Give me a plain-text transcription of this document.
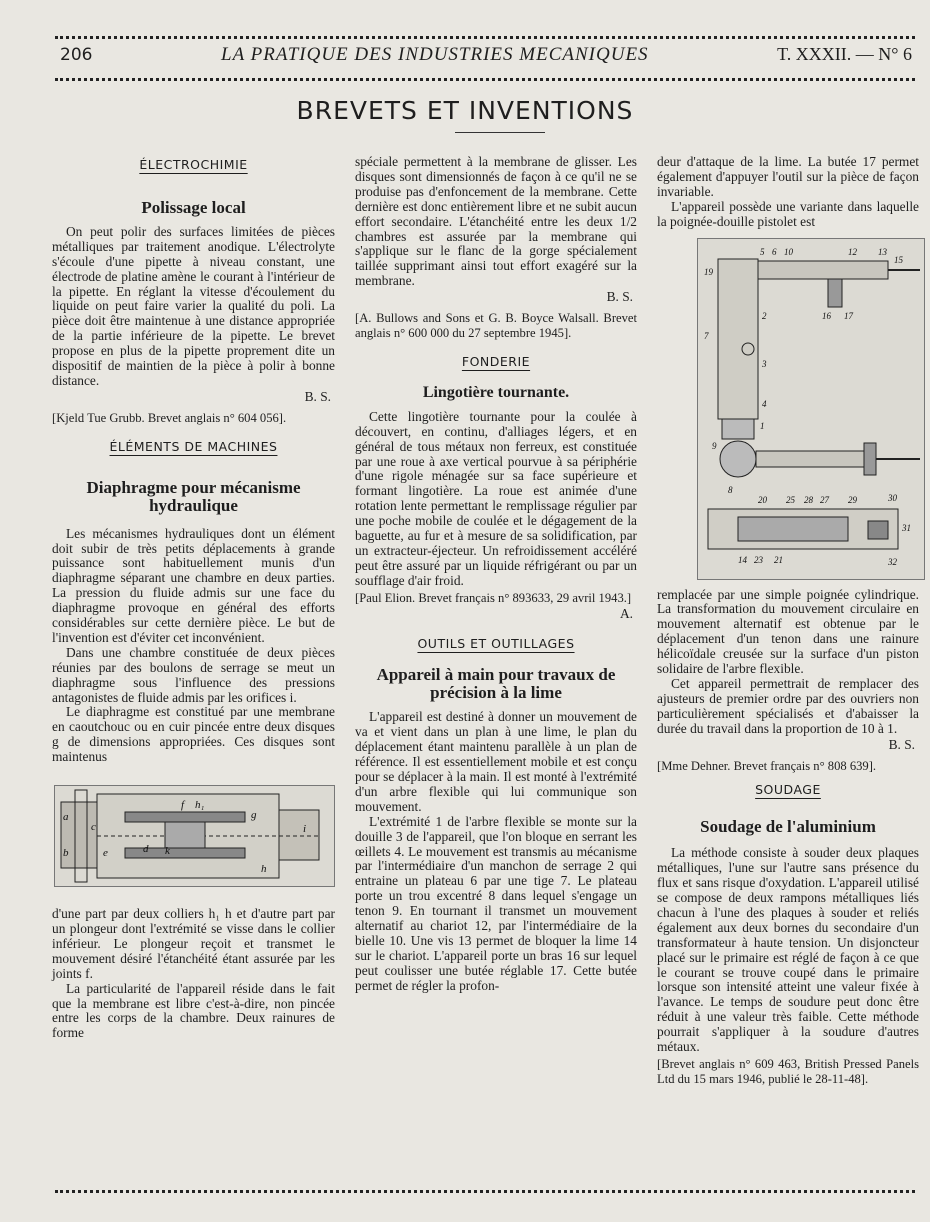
206	LA PRATIQUE DES INDUSTRIES MECANIQUES	T. XXXII. — N° 6
BREVETS ET INVENTIONS
ÉLECTROCHIMIE
Polissage local

On peut polir des surfaces limitées de pièces métalliques par traitement anodique. L'électrolyte s'écoule d'une pipette à niveau constant, une électrode de platine amène le courant à l'intérieur de la pipette. En réglant la vitesse d'écoulement du liquide on peut faire varier la qualité du poli. La pièce doit être maintenue à une distance appropriée de la partie inférieure de la pipette. Le brevet propose en plus de la pipette proprement dite un dispositif de maintien de la pièce à polir à bonne distance.

B. S.

[Kjeld Tue Grubb. Brevet anglais n° 604 056].

ÉLÉMENTS DE MACHINES
Diaphragme pour mécanisme hydraulique

Les mécanismes hydrauliques dont un élément doit subir de très petits déplacements à grande puissance sont habituellement munis d'un diaphragme séparant une chambre en deux parties. La pression du fluide admis sur une face du diaphragme provoque en général des efforts considérables sur cette dernière pièce. Le but de l'invention est d'éviter cet inconvénient.

Dans une chambre constituée de deux pièces réunies par des boulons de serrage se meut un diaphragme sous l'influence des pressions antagonistes de fluide admis par les orifices i.

Le diaphragme est constitué par une membrane en caoutchouc ou en cuir pincée entre deux disques g de dimensions appropriées. Ces disques sont maintenus

a
b
c
d
e
f
g
h
h₁
i
k

d'une part par deux colliers h₁ h et d'autre part par un plongeur dont l'extrémité se visse dans le collier inférieur. Le plongeur reçoit et transmet le mouvement désiré l'étanchéité étant assurée par les joints f.

La particularité de l'appareil réside dans le fait que la membrane est libre c'est-à-dire, non pincée entre les corps de la chambre. Deux rainures de forme

spéciale permettent à la membrane de glisser. Les disques sont dimensionnés de façon à ce qu'il ne se produise pas d'enfoncement de la membrane. Cette dernière est donc entièrement libre et ne subit aucun effort secondaire. L'étanchéité entre les deux 1/2 chambres est assurée par la membrane qui s'applique sur le flanc de la gorge spécialement taillée supprimant ainsi tout effort exagéré sur la membrane.

B. S.

[A. Bullows and Sons et G. B. Boyce Walsall. Brevet anglais n° 600 000 du 27 septembre 1945].

FONDERIE
Lingotière tournante.

Cette lingotière tournante pour la coulée à découvert, en continu, d'alliages légers, et en général de tous métaux non ferreux, est constituée par une roue à axe vertical pourvue à sa périphérie d'une rigole ménagée sur sa face supérieure et formant lingotière. La roue est animée d'une rotation lente permettant le remplissage régulier par une poche mobile de coulée et le dégagement de la baguette, au fur et à mesure de sa solidification, par un extracteur-éjecteur. Un refroidissement accéléré peut être assuré par un liquide réfrigérant ou par un soufflage d'air froid.

[Paul Elion. Brevet français n° 893633, 29 avril 1943.]

A.
OUTILS ET OUTILLAGES
Appareil à main pour travaux de précision à la lime

L'appareil est destiné à donner un mouvement de va et vient dans un plan à une lime, le plan du déplacement étant maintenu parallèle à un plan de référence. Il est essentiellement mobile et est conçu pour se déplacer à la main. Il est monté à l'extrémité d'un arbre flexible qui lui communique son mouvement.

L'extrémité 1 de l'arbre flexible se monte sur la douille 3 de l'appareil, que l'on bloque en serrant les œillets 4. Le mouvement est transmis au mécanisme par l'intermédiaire d'un manchon de serrage 2 qui entraine un plateau 6 par une tige 7. Le plateau porte un trou excentré 8 dans lequel s'engage un tenon 9. En tournant il transmet un mouvement alternatif au chariot 12, par l'intermédiaire de la bielle 10. Une vis 13 permet de bloquer la lime 14 sur le chariot. L'appareil porte un bras 16 sur lequel peut coulisser une butée réglable 17. Cette butée permet de régler la profon-

deur d'attaque de la lime. La butée 17 permet également d'appuyer l'outil sur la pièce de façon invariable.

L'appareil possède une variante dans laquelle la poignée-douille pistolet est

5 6 10	12 13
15
16 17
19
7
2
3
4
1
8
9
20 25 28 27 29	30
31
14 23 21	32

remplacée par une simple poignée cylindrique. La transformation du mouvement circulaire en mouvement alternatif est obtenue par le déplacement d'un tenon dans une rainure hélicoïdale creusée sur la surface d'un piston solidaire de l'arbre flexible.

Cet appareil permettrait de remplacer des ajusteurs de premier ordre par des ouvriers non particulièrement spécialisés et d'abaisser la durée du travail dans la proportion de 10 à 1.

B. S.

[Mme Dehner. Brevet français n° 808 639].

SOUDAGE
Soudage de l'aluminium

La méthode consiste à souder deux plaques métalliques, l'une sur l'autre sans présence du flux et sans risque d'oxydation. L'appareil utilisé se compose de deux rampons métalliques liés chacun à l'une des plaques à souder et reliés également aux deux bornes du secondaire d'un transformateur à haute tension. Un disjoncteur placé sur le primaire est réglé de façon à ce que le courant se trouve coupé dans le primaire lorsque son intensité atteint une valeur fixée à l'avance. Le temps de soudure peut donc être réduit à une valeur très faible. Cette méthode pourrait s'appliquer à la soudure d'autres métaux.

[Brevet anglais n° 609 463, British Pressed Panels Ltd du 15 mars 1946, publié le 28-11-48].
